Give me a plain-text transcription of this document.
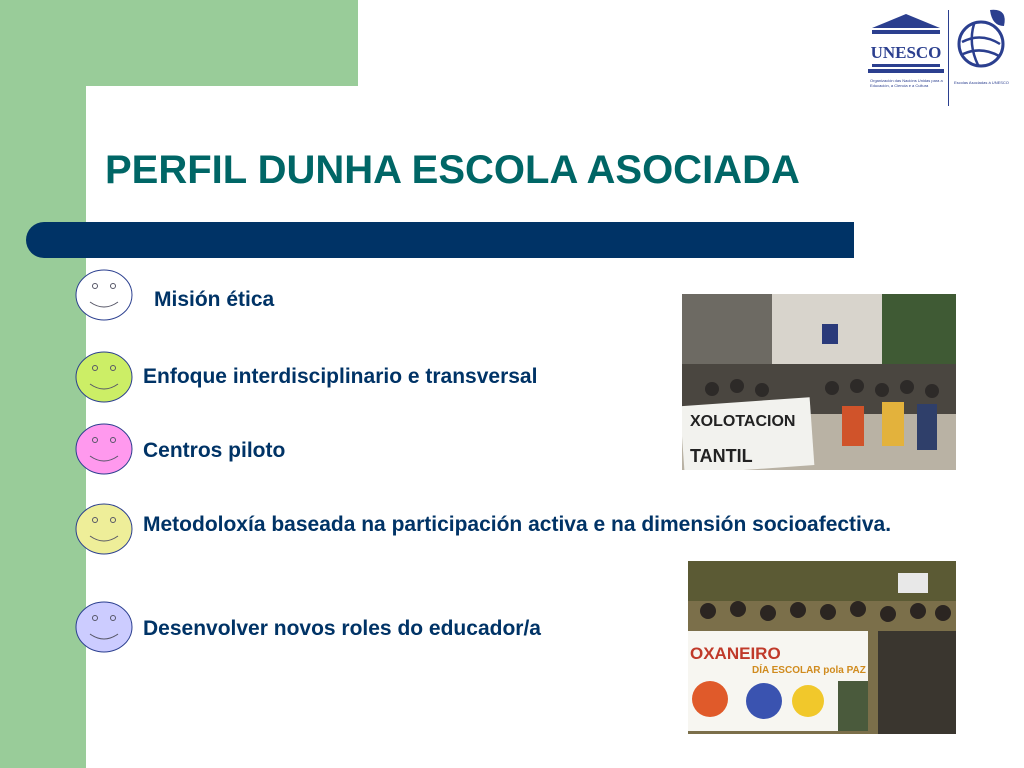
PERFIL DUNHA ESCOLA ASOCIADA
UNESCO
Organización das Nacións Unidas para a Educación, a Ciencia e a Cultura
Escolas Asociadas á UNESCO
Misión ética
Enfoque interdisciplinario e transversal
Centros piloto
Metodoloxía baseada na participación activa e na dimensión socioafectiva.
Desenvolver novos roles do educador/a
XOLOTACION
TANTIL
OXANEIRO
DÍA ESCOLAR pola PAZ
